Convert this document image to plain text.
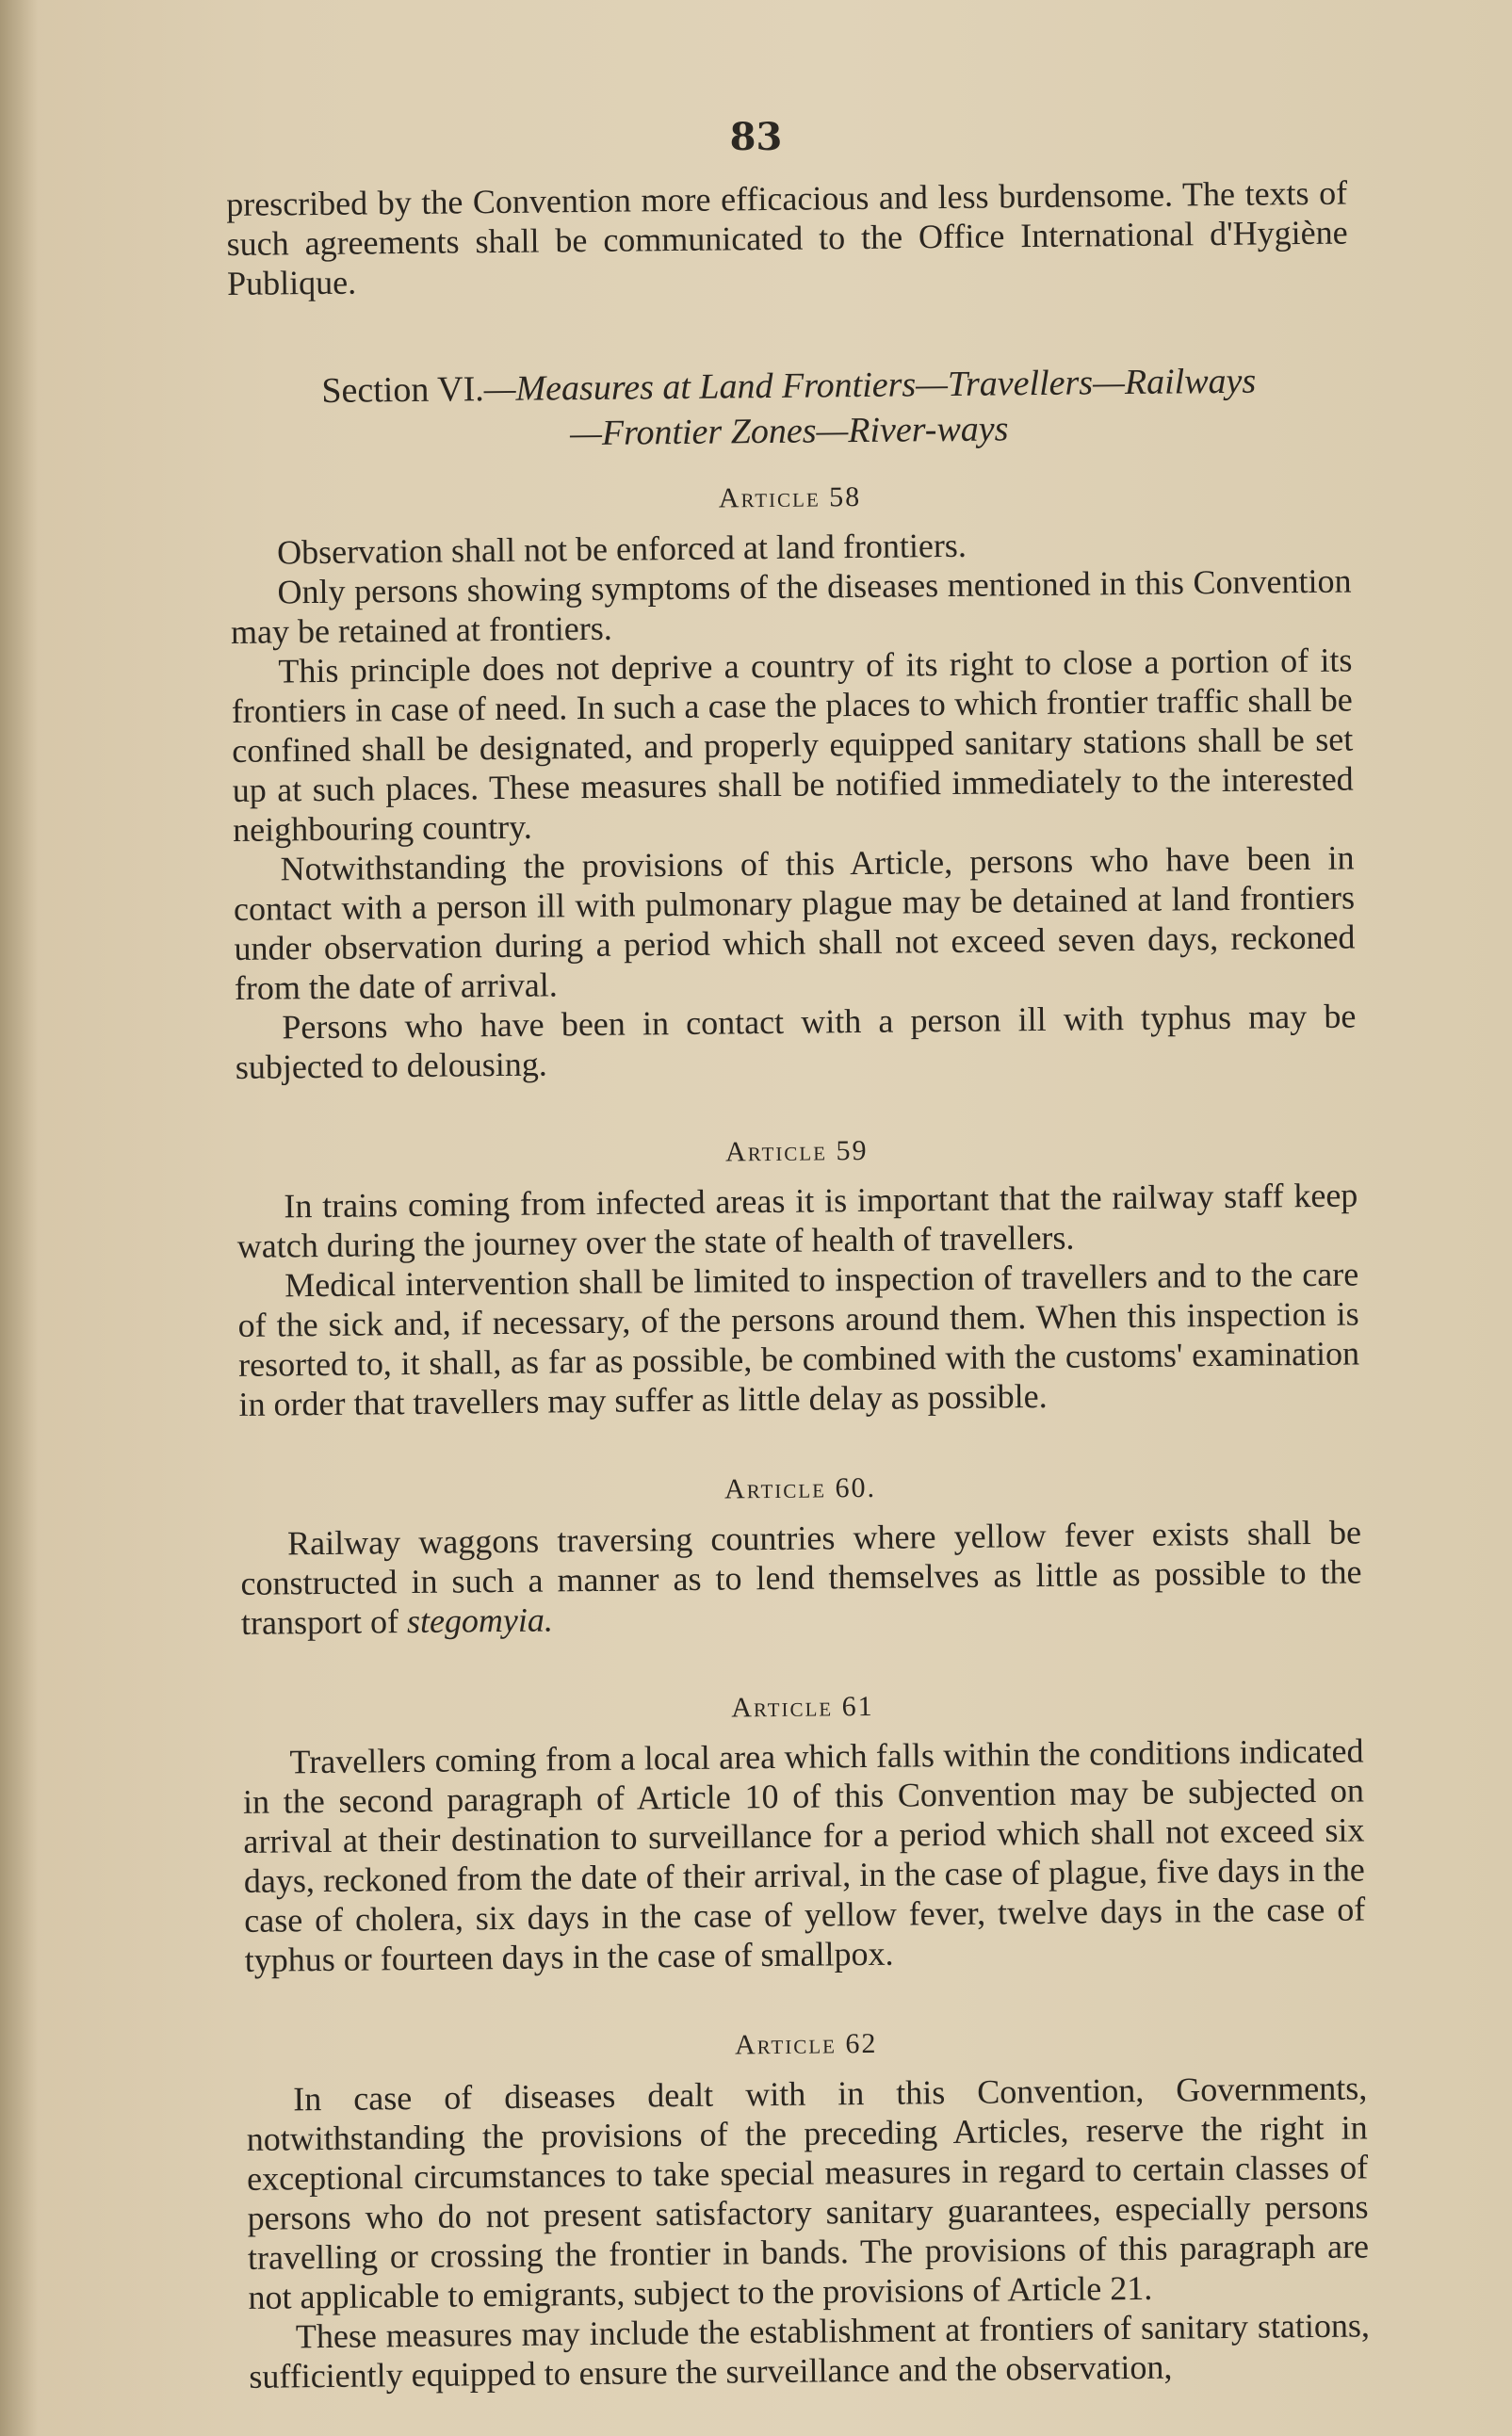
83

prescribed by the Convention more efficacious and less burdensome. The texts of such agreements shall be communicated to the Office International d'Hygiène Publique.

Section VI.—Measures at Land Frontiers—Travellers—Railways
—Frontier Zones—River-ways
Article 58

Observation shall not be enforced at land frontiers.

Only persons showing symptoms of the diseases mentioned in this Convention may be retained at frontiers.

This principle does not deprive a country of its right to close a portion of its frontiers in case of need. In such a case the places to which frontier traffic shall be confined shall be designated, and properly equipped sanitary stations shall be set up at such places. These measures shall be notified immediately to the interested neighbouring country.

Notwithstanding the provisions of this Article, persons who have been in contact with a person ill with pulmonary plague may be detained at land frontiers under observation during a period which shall not exceed seven days, reckoned from the date of arrival.

Persons who have been in contact with a person ill with typhus may be subjected to delousing.

Article 59

In trains coming from infected areas it is important that the railway staff keep watch during the journey over the state of health of travellers.

Medical intervention shall be limited to inspection of travellers and to the care of the sick and, if necessary, of the persons around them. When this inspection is resorted to, it shall, as far as possible, be combined with the customs' examination in order that travellers may suffer as little delay as possible.

Article 60.

Railway waggons traversing countries where yellow fever exists shall be constructed in such a manner as to lend themselves as little as possible to the transport of stegomyia.

Article 61

Travellers coming from a local area which falls within the conditions indicated in the second paragraph of Article 10 of this Convention may be subjected on arrival at their destination to surveillance for a period which shall not exceed six days, reckoned from the date of their arrival, in the case of plague, five days in the case of cholera, six days in the case of yellow fever, twelve days in the case of typhus or fourteen days in the case of smallpox.

Article 62

In case of diseases dealt with in this Convention, Governments, notwithstanding the provisions of the preceding Articles, reserve the right in exceptional circumstances to take special measures in regard to certain classes of persons who do not present satisfactory sanitary guarantees, especially persons travelling or crossing the frontier in bands. The provisions of this paragraph are not applicable to emigrants, subject to the provisions of Article 21.

These measures may include the establishment at frontiers of sanitary stations, sufficiently equipped to ensure the surveillance and the observation,
